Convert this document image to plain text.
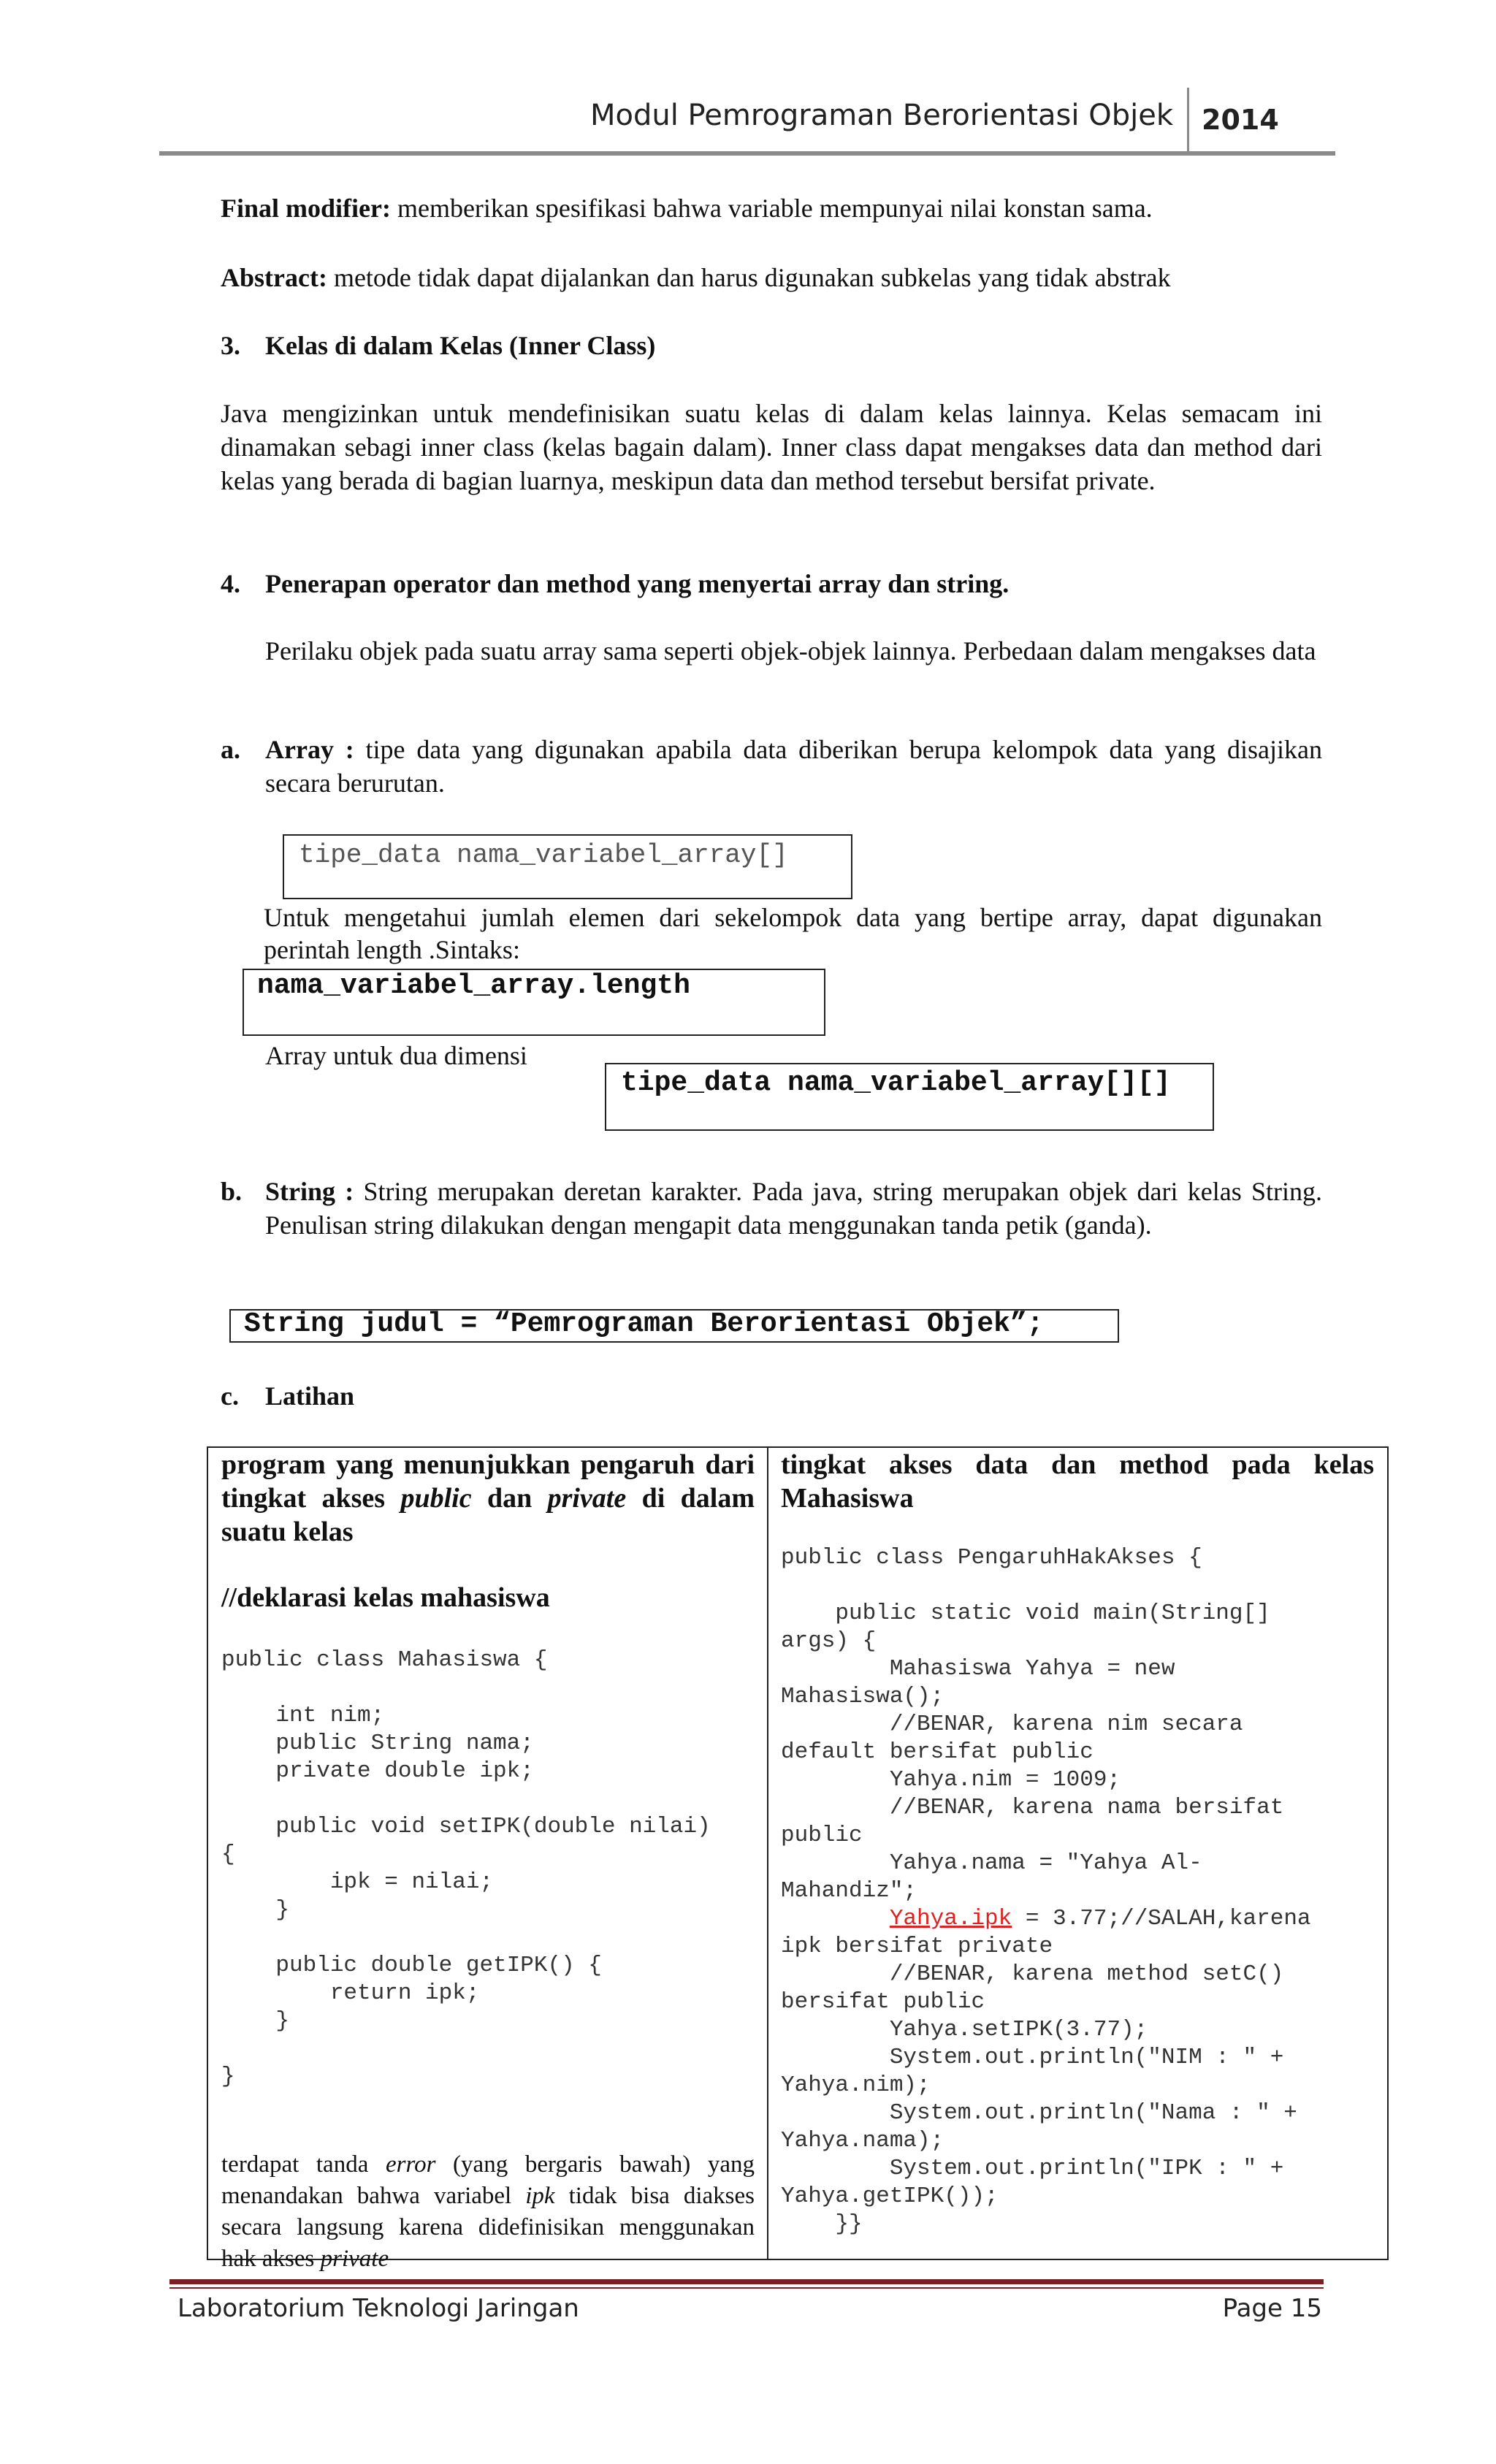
Modul Pemrograman Berorientasi Objek 2014
Final modifier: memberikan spesifikasi bahwa variable mempunyai nilai konstan sama.
Abstract: metode tidak dapat dijalankan dan harus digunakan subkelas yang tidak abstrak
3. Kelas di dalam Kelas (Inner Class)
Java mengizinkan untuk mendefinisikan suatu kelas di dalam kelas lainnya. Kelas semacam ini dinamakan sebagi inner class (kelas bagain dalam). Inner class dapat mengakses data dan method dari kelas yang berada di bagian luarnya, meskipun data dan method tersebut bersifat private.
4. Penerapan operator dan method yang menyertai array dan string.
Perilaku objek pada suatu array sama seperti objek-objek lainnya. Perbedaan dalam mengakses data
a. Array : tipe data yang digunakan apabila data diberikan berupa kelompok data yang disajikan secara berurutan.
tipe_data nama_variabel_array[]
Untuk mengetahui jumlah elemen dari sekelompok data yang bertipe array, dapat digunakan perintah length .Sintaks:
nama_variabel_array.length
Array untuk dua dimensi
tipe_data nama_variabel_array[][]
b. String : String merupakan deretan karakter. Pada java, string merupakan objek dari kelas String. Penulisan string dilakukan dengan mengapit data menggunakan tanda petik (ganda).
String judul = “Pemrograman Berorientasi Objek”;
c. Latihan
program yang menunjukkan pengaruh dari tingkat akses public dan private di dalam suatu kelas
//deklarasi kelas mahasiswa
public class Mahasiswa {

int nim;
public String nama;
private double ipk;

public void setIPK(double nilai)
{
ipk = nilai;
}

public double getIPK() {
return ipk;
}

}
terdapat tanda error (yang bergaris bawah) yang menandakan bahwa variabel ipk tidak bisa diakses secara langsung karena didefinisikan menggunakan hak akses private
tingkat akses data dan method pada kelas Mahasiswa
public class PengaruhHakAkses {

public static void main(String[]
args) {
Mahasiswa Yahya = new
Mahasiswa();
//BENAR, karena nim secara
default bersifat public
Yahya.nim = 1009;
//BENAR, karena nama bersifat
public
Yahya.nama = "Yahya Al-
Mahandiz";
Yahya.ipk = 3.77;//SALAH,karena
ipk bersifat private
//BENAR, karena method setC()
bersifat public
Yahya.setIPK(3.77);
System.out.println("NIM : " +
Yahya.nim);
System.out.println("Nama : " +
Yahya.nama);
System.out.println("IPK : " +
Yahya.getIPK());
}}
Laboratorium Teknologi Jaringan	Page 15
